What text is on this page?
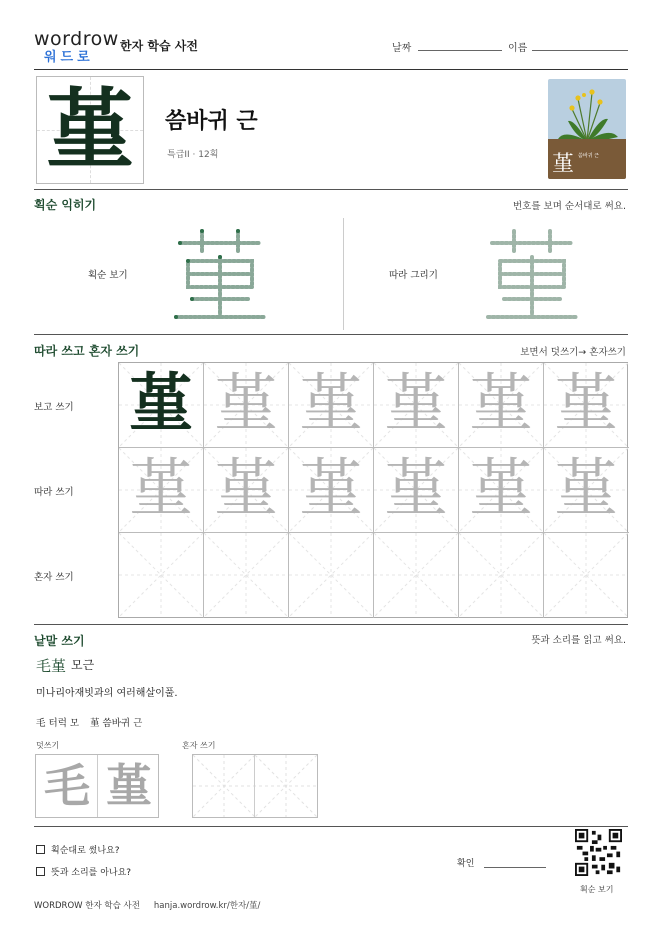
wordrow
워드로
한자 학습 사전	날짜	이름
堇	씀바귀 근
특급II · 12획	堇 씀바귀 근
획순 익히기	번호를 보며 순서대로 써요.
획순 보기	따라 그리기
따라 쓰고 혼자 쓰기	보면서 덧쓰기→ 혼자쓰기
보고 쓰기
따라 쓰기
혼자 쓰기
堇 堇 堇 堇 堇 堇
堇 堇 堇 堇 堇 堇
낱말 쓰기	뜻과 소리를 읽고 써요.
毛堇 모근
미나리아재빗과의 여러해살이풀.
毛 터럭 모 堇 씀바귀 근
덧쓰기	혼자 쓰기
毛 堇
획순대로 썼나요?
뜻과 소리를 아나요?
확인
획순 보기
WORDROW 한자 학습 사전 hanja.wordrow.kr/한자/堇/
